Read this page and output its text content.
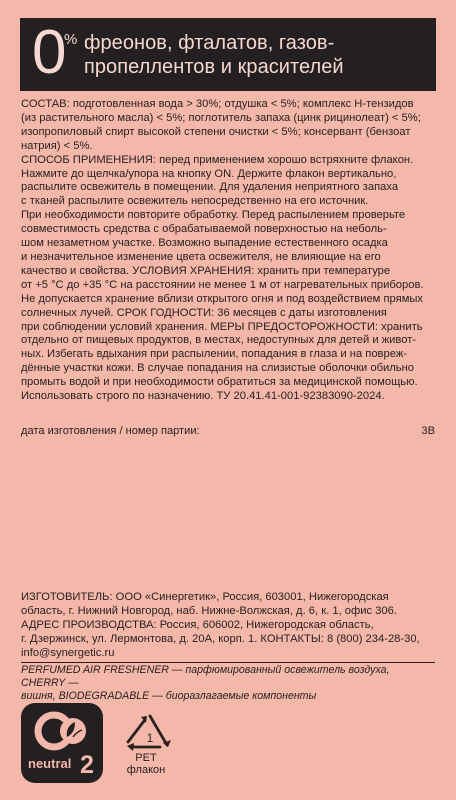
0
% фреонов, фталатов, газов-
пропеллентов и красителей

СОСТАВ: подготовленная вода > 30%; отдушка < 5%; комплекс Н-тензидов

(из растительного масла) < 5%; поглотитель запаха (цинк рицинолеат) < 5%;

изопропиловый спирт высокой степени очистки < 5%; консервант (бензоат

натрия) < 5%.

СПОСОБ ПРИМЕНЕНИЯ: перед применением хорошо встряхните флакон.

Нажмите до щелчка/упора на кнопку ON. Держите флакон вертикально,

распылите освежитель в помещении. Для удаления неприятного запаха

с тканей распылите освежитель непосредственно на его источник.

При необходимости повторите обработку. Перед распылением проверьте

совместимость средства с обрабатываемой поверхностью на неболь-

шом незаметном участке. Возможно выпадение естественного осадка

и незначительное изменение цвета освежителя, не влияющие на его

качество и свойства. УСЛОВИЯ ХРАНЕНИЯ: хранить при температуре

от +5 °С до +35 °С на расстоянии не менее 1 м от нагревательных приборов.

Не допускается хранение вблизи открытого огня и под воздействием прямых

солнечных лучей. СРОК ГОДНОСТИ: 36 месяцев с даты изготовления

при соблюдении условий хранения. МЕРЫ ПРЕДОСТОРОЖНОСТИ: хранить

отдельно от пищевых продуктов, в местах, недоступных для детей и живот-

ных. Избегать вдыхания при распылении, попадания в глаза и на повреж-

дённые участки кожи. В случае попадания на слизистые оболочки обильно

промыть водой и при необходимости обратиться за медицинской помощью.

Использовать строго по назначению. ТУ 20.41.41-001-92383090-2024.

дата изготовления / номер партии:	3B

ИЗГОТОВИТЕЛЬ: ООО «Синергетик», Россия, 603001, Нижегородская

область, г. Нижний Новгород, наб. Нижне-Волжская, д. 6, к. 1, офис 306.

АДРЕС ПРОИЗВОДСТВА: Россия, 606002, Нижегородская область,

г. Дзержинск, ул. Лермонтова, д. 20А, корп. 1. КОНТАКТЫ: 8 (800) 234-28-30,

info@synergetic.ru

PERFUMED AIR FRESHENER — парфюмированный освежитель воздуха, CHERRY —

вишня, BIODEGRADABLE — биоразлагаемые компоненты

neutral 2
1
PET
флакон
